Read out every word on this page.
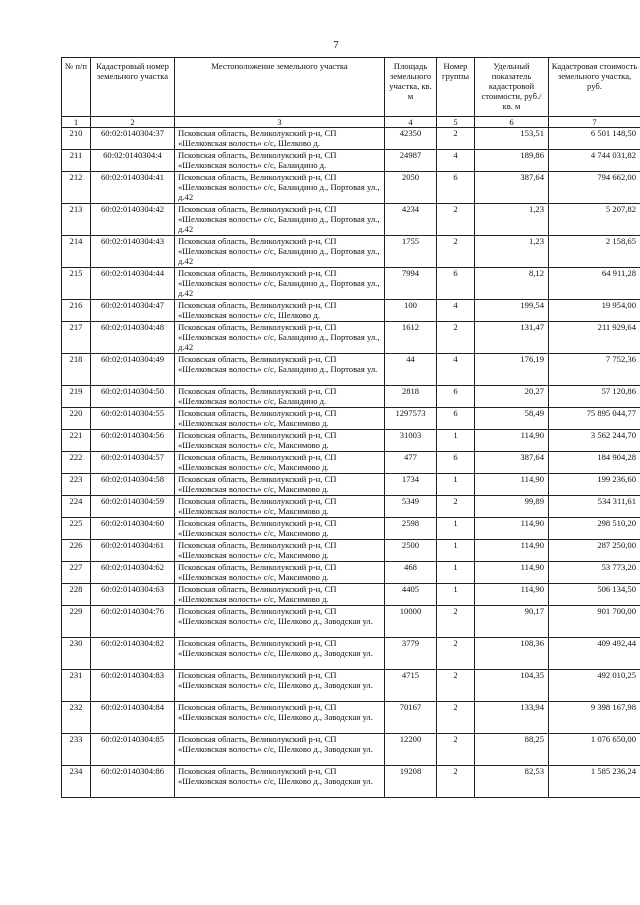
7
№ п/п	Кадастровый номер земельного участка	Местоположение земельного участка	Площадь земельного участка, кв. м	Номер группы	Удельный показатель кадастровой стоимости, руб./кв. м	Кадастровая стоимость земельного участка, руб.
1	2	3	4	5	6	7
210	60:02:0140304:37	Псковская область, Великолукский р-н, СП «Шелковская волость» с/с, Шелково д.	42350	2	153,51	6 501 148,50
211	60:02:0140304:4	Псковская область, Великолукский р-н, СП «Шелковская волость» с/с, Баландино д.	24987	4	189,86	4 744 031,82
212	60:02:0140304:41	Псковская область, Великолукский р-н, СП «Шелковская волость» с/с, Баландино д., Портовая ул., д.42	2050	6	387,64	794 662,00
213	60:02:0140304:42	Псковская область, Великолукский р-н, СП «Шелковская волость» с/с, Баландино д., Портовая ул., д.42	4234	2	1,23	5 207,82
214	60:02:0140304:43	Псковская область, Великолукский р-н, СП «Шелковская волость» с/с, Баландино д., Портовая ул., д.42	1755	2	1,23	2 158,65
215	60:02:0140304:44	Псковская область, Великолукский р-н, СП «Шелковская волость» с/с, Баландино д., Портовая ул., д.42	7994	6	8,12	64 911,28
216	60:02:0140304:47	Псковская область, Великолукский р-н, СП «Шелковская волость» с/с, Шелково д.	100	4	199,54	19 954,00
217	60:02:0140304:48	Псковская область, Великолукский р-н, СП «Шелковская волость» с/с, Баландино д., Портовая ул., д.42	1612	2	131,47	211 929,64
218	60:02:0140304:49	Псковская область, Великолукский р-н, СП «Шелковская волость» с/с, Баландино д., Портовая ул.	44	4	176,19	7 752,36
219	60:02:0140304:50	Псковская область, Великолукский р-н, СП «Шелковская волость» с/с, Баландино д.	2818	6	20,27	57 120,86
220	60:02:0140304:55	Псковская область, Великолукский р-н, СП «Шелковская волость» с/с, Максимово д.	1297573	6	58,49	75 895 044,77
221	60:02:0140304:56	Псковская область, Великолукский р-н, СП «Шелковская волость» с/с, Максимово д.	31003	1	114,90	3 562 244,70
222	60:02:0140304:57	Псковская область, Великолукский р-н, СП «Шелковская волость» с/с, Максимово д.	477	6	387,64	184 904,28
223	60:02:0140304:58	Псковская область, Великолукский р-н, СП «Шелковская волость» с/с, Максимово д.	1734	1	114,90	199 236,60
224	60:02:0140304:59	Псковская область, Великолукский р-н, СП «Шелковская волость» с/с, Максимово д.	5349	2	99,89	534 311,61
225	60:02:0140304:60	Псковская область, Великолукский р-н, СП «Шелковская волость» с/с, Максимово д.	2598	1	114,90	298 510,20
226	60:02:0140304:61	Псковская область, Великолукский р-н, СП «Шелковская волость» с/с, Максимово д.	2500	1	114,90	287 250,00
227	60:02:0140304:62	Псковская область, Великолукский р-н, СП «Шелковская волость» с/с, Максимово д.	468	1	114,90	53 773,20
228	60:02:0140304:63	Псковская область, Великолукский р-н, СП «Шелковская волость» с/с, Максимово д.	4405	1	114,90	506 134,50
229	60:02:0140304:76	Псковская область, Великолукский р-н, СП «Шелковская волость» с/с, Шелково д., Заводская ул.	10000	2	90,17	901 700,00
230	60:02:0140304:82	Псковская область, Великолукский р-н, СП «Шелковская волость» с/с, Шелково д., Заводская ул.	3779	2	108,36	409 492,44
231	60:02:0140304:83	Псковская область, Великолукский р-н, СП «Шелковская волость» с/с, Шелково д., Заводская ул.	4715	2	104,35	492 010,25
232	60:02:0140304:84	Псковская область, Великолукский р-н, СП «Шелковская волость» с/с, Шелково д., Заводская ул.	70167	2	133,94	9 398 167,98
233	60:02:0140304:85	Псковская область, Великолукский р-н, СП «Шелковская волость» с/с, Шелково д., Заводская ул.	12200	2	88,25	1 076 650,00
234	60:02:0140304:86	Псковская область, Великолукский р-н, СП «Шелковская волость» с/с, Шелково д., Заводская ул.	19208	2	82,53	1 585 236,24
